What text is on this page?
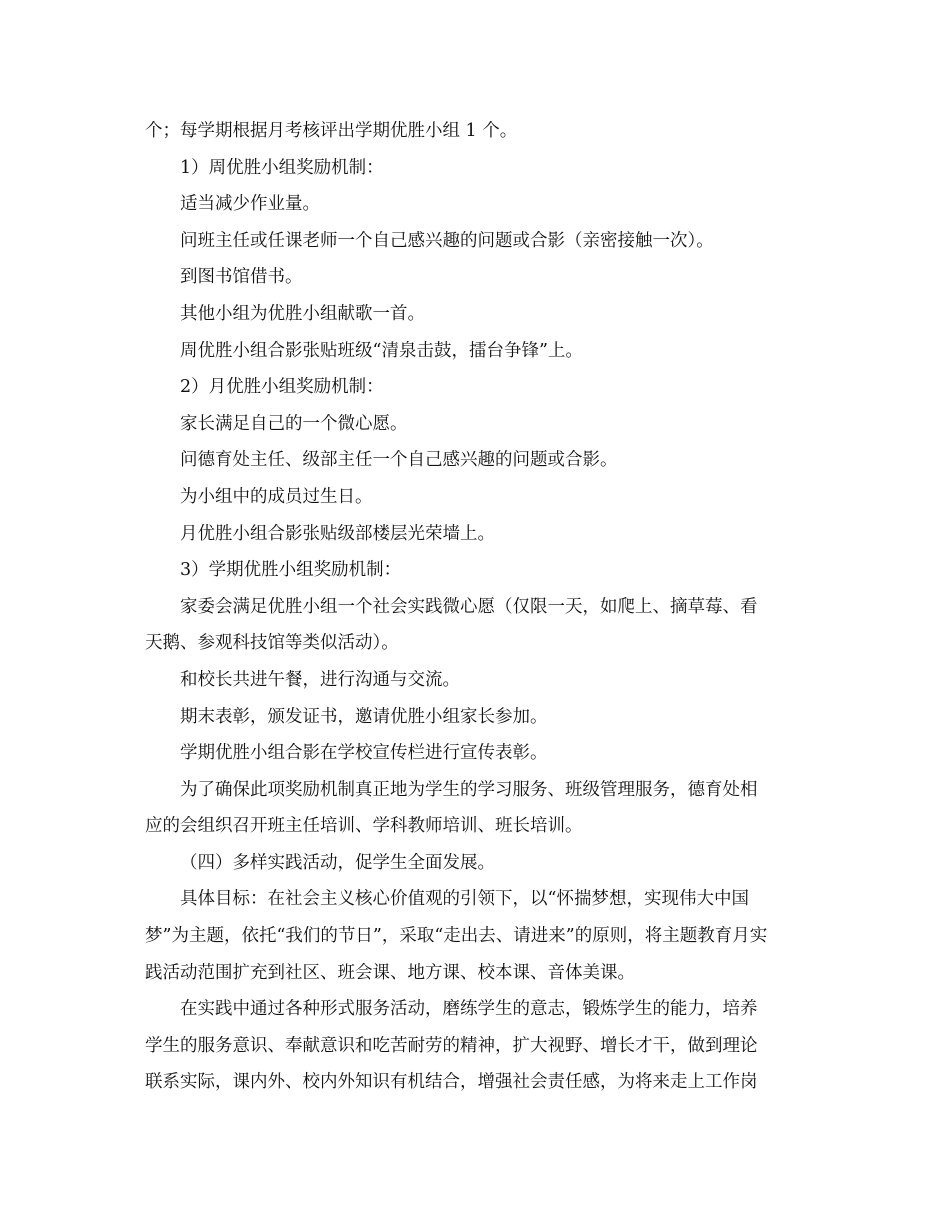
个；每学期根据月考核评出学期优胜小组 1 个。

1）周优胜小组奖励机制：

适当减少作业量。

问班主任或任课老师一个自己感兴趣的问题或合影（亲密接触一次）。

到图书馆借书。

其他小组为优胜小组献歌一首。

周优胜小组合影张贴班级“清泉击鼓，擂台争锋”上。

2）月优胜小组奖励机制：

家长满足自己的一个微心愿。

问德育处主任、级部主任一个自己感兴趣的问题或合影。

为小组中的成员过生日。

月优胜小组合影张贴级部楼层光荣墙上。

3）学期优胜小组奖励机制：

家委会满足优胜小组一个社会实践微心愿（仅限一天，如爬上、摘草莓、看

天鹅、参观科技馆等类似活动）。

和校长共进午餐，进行沟通与交流。

期末表彰，颁发证书，邀请优胜小组家长参加。

学期优胜小组合影在学校宣传栏进行宣传表彰。

为了确保此项奖励机制真正地为学生的学习服务、班级管理服务，德育处相

应的会组织召开班主任培训、学科教师培训、班长培训。

（四）多样实践活动，促学生全面发展。

具体目标：在社会主义核心价值观的引领下，以“怀揣梦想，实现伟大中国

梦”为主题，依托“我们的节日”，采取“走出去、请进来”的原则，将主题教育月实

践活动范围扩充到社区、班会课、地方课、校本课、音体美课。

在实践中通过各种形式服务活动，磨练学生的意志，锻炼学生的能力，培养

学生的服务意识、奉献意识和吃苦耐劳的精神，扩大视野、增长才干，做到理论

联系实际，课内外、校内外知识有机结合，增强社会责任感，为将来走上工作岗
